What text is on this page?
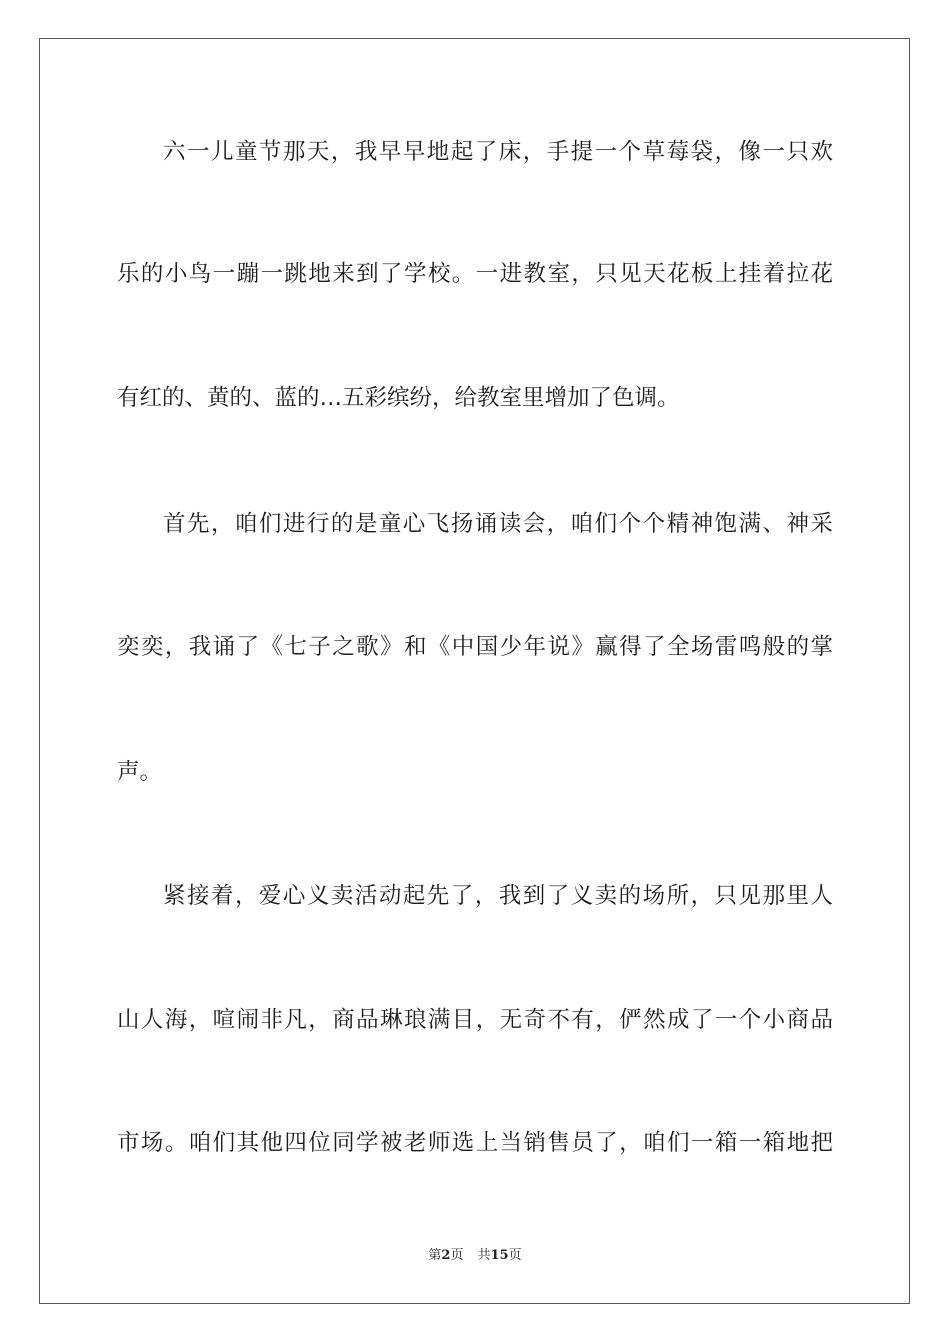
六一儿童节那天，我早早地起了床，手提一个草莓袋，像一只欢
乐的小鸟一蹦一跳地来到了学校。一进教室，只见天花板上挂着拉花
有红的、黄的、蓝的…五彩缤纷，给教室里增加了色调。
首先，咱们进行的是童心飞扬诵读会，咱们个个精神饱满、神采
奕奕，我诵了《七子之歌》和《中国少年说》赢得了全场雷鸣般的掌
声。
紧接着，爱心义卖活动起先了，我到了义卖的场所，只见那里人
山人海，喧闹非凡，商品琳琅满目，无奇不有，俨然成了一个小商品
市场。咱们其他四位同学被老师选上当销售员了，咱们一箱一箱地把
第2页 共15页
